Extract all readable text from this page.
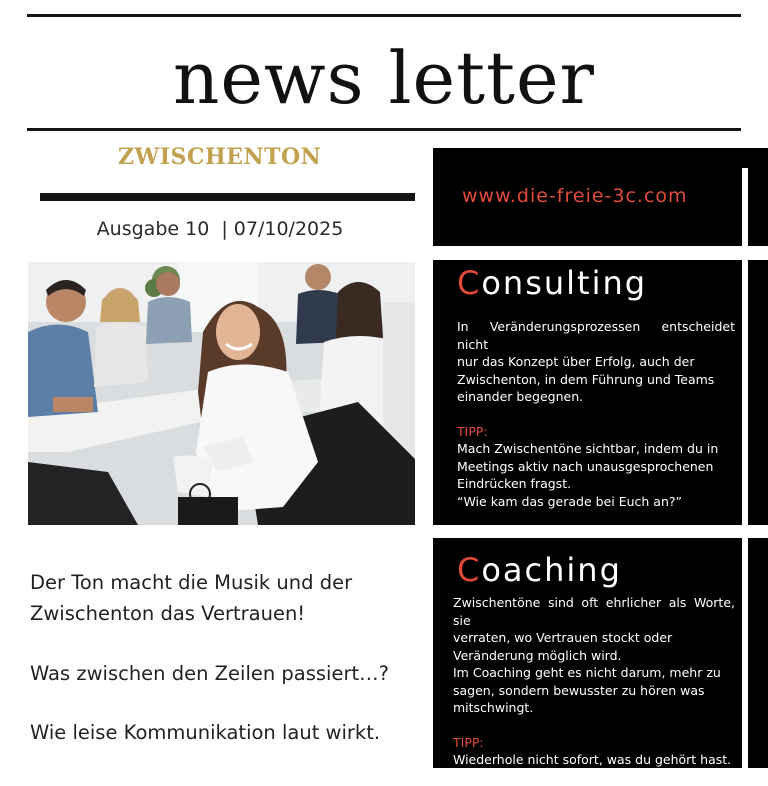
news letter
ZWISCHENTON
Ausgabe 10  | 07/10/2025
Der Ton macht die Musik und der
Zwischenton das Vertrauen!
Was zwischen den Zeilen passiert…?
Wie leise Kommunikation laut wirkt.
www.die-freie-3c.com
Consulting
In Veränderungsprozessen entscheidet nicht
nur das Konzept über Erfolg, auch der
Zwischenton, in dem Führung und Teams
einander begegnen.
TIPP:
Mach Zwischentöne sichtbar, indem du in
Meetings aktiv nach unausgesprochenen
Eindrücken fragst.
“Wie kam das gerade bei Euch an?”
Coaching
Zwischentöne sind oft ehrlicher als Worte, sie
verraten, wo Vertrauen stockt oder
Veränderung möglich wird.
Im Coaching geht es nicht darum, mehr zu
sagen, sondern bewusster zu hören was
mitschwingt.
TIPP:
Wiederhole nicht sofort, was du gehört hast.
Lass einen Moment Raum entstehen, oft füllt
